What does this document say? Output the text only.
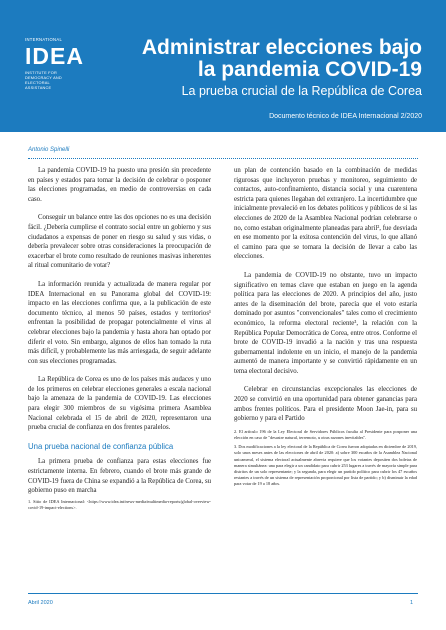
INTERNATIONAL
IDEA
INSTITUTE FOR
DEMOCRACY AND
ELECTORAL
ASSISTANCE
Administrar elecciones bajo
la pandemia COVID-19
La prueba crucial de la República de Corea
Documento técnico de IDEA Internacional 2/2020
Antonio Spinelli

La pandemia COVID-19 ha puesto una presión sin precedente en países y estados para tomar la decisión de celebrar o posponer las elecciones programadas, en medio de controversias en cada caso.

Conseguir un balance entre las dos opciones no es una decisión fácil. ¿Debería cumplirse el contrato social entre un gobierno y sus ciudadanos a expensas de poner en riesgo su salud y sus vidas, o debería prevalecer sobre otras consideraciones la preocupación de exacerbar el brote como resultado de reuniones masivas inherentes al ritual comunitario de votar?

La información reunida y actualizada de manera regular por IDEA Internacional en su Panorama global del COVID-19: impacto en las elecciones confirma que, a la publicación de este documento técnico, al menos 50 países, estados y territorios¹ enfrentan la posibilidad de propagar potencialmente el virus al celebrar elecciones bajo la pandemia y hasta ahora han optado por diferir el voto. Sin embargo, algunos de ellos han tomado la ruta más difícil, y probablemente las más arriesgada, de seguir adelante con sus elecciones programadas.

La República de Corea es uno de los países más audaces y uno de los primeros en celebrar elecciones generales a escala nacional bajo la amenaza de la pandemia de COVID-19. Las elecciones para elegir 300 miembros de su vigésima primera Asamblea Nacional celebrada el 15 de abril de 2020, representaron una prueba crucial de confianza en dos frentes paralelos.

Una prueba nacional de confianza pública

La primera prueba de confianza para estas elecciones fue estrictamente interna. En febrero, cuando el brote más grande de COVID-19 fuera de China se expandió a la República de Corea, su gobierno puso en marcha

1. Sitio de IDEA Internacional: <https://www.idea.int/news-media/multimedia-reports/global-overview-covid-19-impact-elections>.

un plan de contención basado en la combinación de medidas rigurosas que incluyeron pruebas y monitoreo, seguimiento de contactos, auto-confinamiento, distancia social y una cuarentena estricta para quienes llegaban del extranjero. La incertidumbre que inicialmente prevaleció en los debates políticos y públicos de si las elecciones de 2020 de la Asamblea Nacional podrían celebrarse o no, como estaban originalmente planeadas para abril², fue desviada en ese momento por la exitosa contención del virus, lo que allanó el camino para que se tomara la decisión de llevar a cabo las elecciones.

La pandemia de COVID-19 no obstante, tuvo un impacto significativo en temas clave que estaban en juego en la agenda política para las elecciones de 2020. A principios del año, justo antes de la diseminación del brote, parecía que el voto estaría dominado por asuntos "convencionales" tales como el crecimiento económico, la reforma electoral reciente³, la relación con la República Popular Democrática de Corea, entre otros. Conforme el brote de COVID-19 invadió a la nación y tras una respuesta gubernamental indolente en un inicio, el manejo de la pandemia aumentó de manera importante y se convirtió rápidamente en un tema electoral decisivo.

Celebrar en circunstancias excepcionales las elecciones de 2020 se convirtió en una oportunidad para obtener ganancias para ambos frentes políticos. Para el presidente Moon Jae-in, para su gobierno y para el Partido

2. El artículo 196 de la Ley Electoral de Servidores Públicos faculta al Presidente para posponer una elección en caso de "desastre natural, terremoto, u otras razones inevitables".
3. Dos modificaciones a la ley electoral de la República de Corea fueron adoptadas en diciembre de 2019, solo unos meses antes de las elecciones de abril de 2020: a) sobre 300 escaños de la Asamblea Nacional unicameral, el sistema electoral actualmente abrevia requiere que los votantes depositen dos boletas de manera simultánea: una para elegir a un candidato para cubrir 253 lugares a través de mayoría simple para distritos de un solo representante; y la segunda, para elegir un partido político para cubrir los 47 escaños restantes a través de un sistema de representación proporcional por lista de partido; y b) disminuir la edad para votar de 19 a 18 años.
Abril 2020	1
